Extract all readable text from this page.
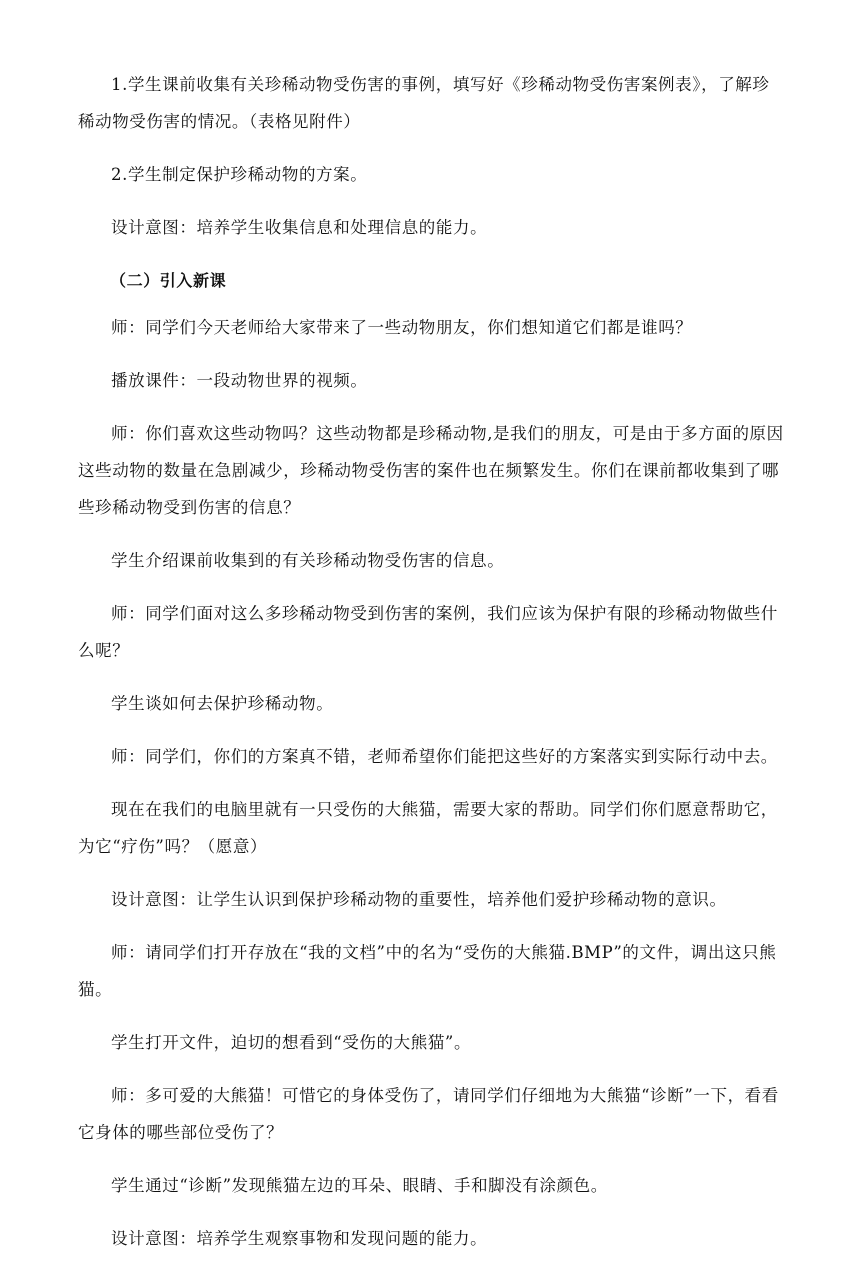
1.学生课前收集有关珍稀动物受伤害的事例，填写好《珍稀动物受伤害案例表》，了解珍稀动物受伤害的情况。（表格见附件）

2.学生制定保护珍稀动物的方案。

设计意图：培养学生收集信息和处理信息的能力。

（二）引入新课

师：同学们今天老师给大家带来了一些动物朋友，你们想知道它们都是谁吗？

播放课件：一段动物世界的视频。

师：你们喜欢这些动物吗？这些动物都是珍稀动物,是我们的朋友，可是由于多方面的原因这些动物的数量在急剧减少，珍稀动物受伤害的案件也在频繁发生。你们在课前都收集到了哪些珍稀动物受到伤害的信息？

学生介绍课前收集到的有关珍稀动物受伤害的信息。

师：同学们面对这么多珍稀动物受到伤害的案例，我们应该为保护有限的珍稀动物做些什么呢？

学生谈如何去保护珍稀动物。

师：同学们，你们的方案真不错，老师希望你们能把这些好的方案落实到实际行动中去。

现在在我们的电脑里就有一只受伤的大熊猫，需要大家的帮助。同学们你们愿意帮助它，为它“疗伤”吗？（愿意）

设计意图：让学生认识到保护珍稀动物的重要性，培养他们爱护珍稀动物的意识。

师：请同学们打开存放在“我的文档”中的名为“受伤的大熊猫.BMP”的文件，调出这只熊猫。

学生打开文件，迫切的想看到“受伤的大熊猫”。

师：多可爱的大熊猫！可惜它的身体受伤了，请同学们仔细地为大熊猫“诊断”一下，看看它身体的哪些部位受伤了？

学生通过“诊断”发现熊猫左边的耳朵、眼睛、手和脚没有涂颜色。

设计意图：培养学生观察事物和发现问题的能力。
